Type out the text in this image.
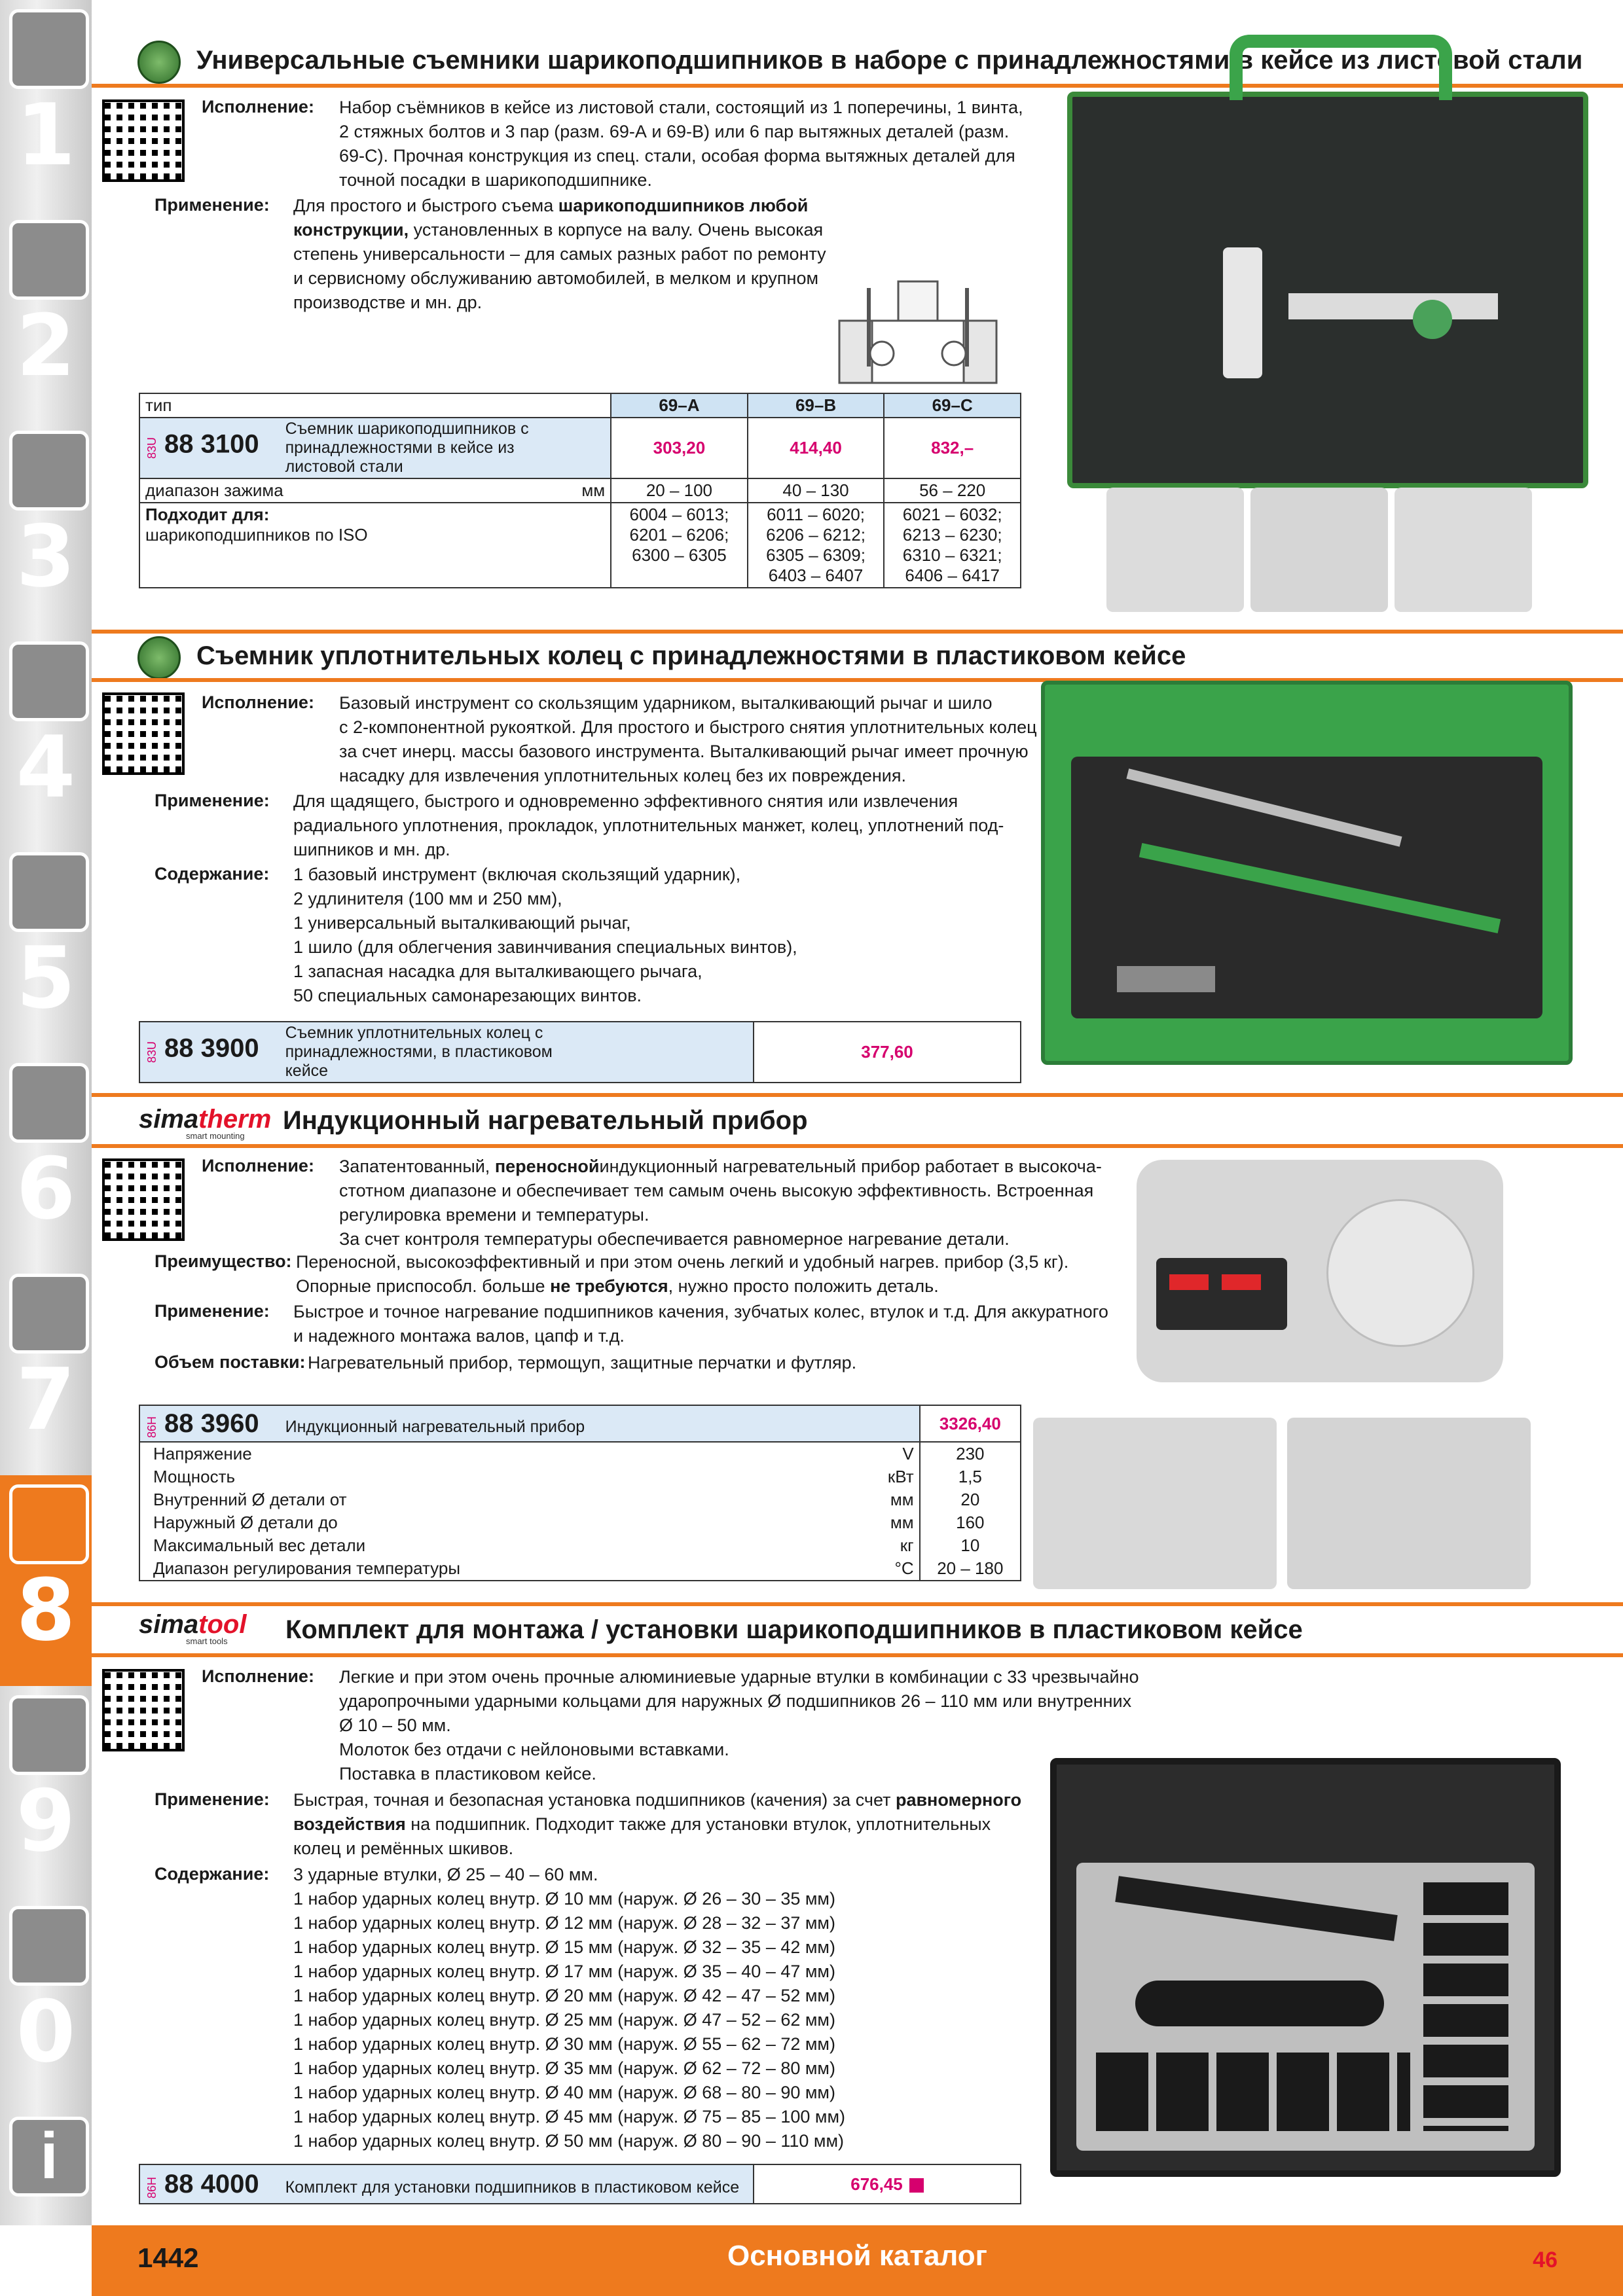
1
2
3
4
5
6
7
8
9
0
i
Универсальные съемники шарикоподшипников в наборе с принадлежностями в кейсе из листовой стали
Исполнение: Набор съёмников в кейсе из листовой стали, состоящий из 1 поперечины, 1 винта,

2 стяжных болтов и 3 пар (разм. 69-А и 69-В) или 6 пар вытяжных деталей (разм.

69-С). Прочная конструкция из спец. стали, особая форма вытяжных деталей для

точной посадки в шарикоподшипнике.

Применение: Для простого и быстрого съема шарикоподшипников любой

конструкции, установленных в корпусе на валу. Очень высокая

степень универсальности – для самых разных работ по ремонту

и сервисному обслуживанию автомобилей, в мелком и крупном

производстве и мн. др.

тип	69–A	69–B	69–C
83U 88 3100Съемник шарикоподшипников с принадлежностями в кейсе из листовой стали	303,20	414,40	832,–
диапазон зажима мм	20 – 100	40 – 130	56 – 220
Подходит для:
шарикоподшипников по ISO	6004 – 6013;
6201 – 6206;
6300 – 6305	6011 – 6020;
6206 – 6212;
6305 – 6309;
6403 – 6407	6021 – 6032;
6213 – 6230;
6310 – 6321;
6406 – 6417
Съемник уплотнительных колец с принадлежностями в пластиковом кейсе
Исполнение: Базовый инструмент со скользящим ударником, выталкивающий рычаг и шило

с 2-компонентной рукояткой. Для простого и быстрого снятия уплотнительных колец

за счет инерц. массы базового инструмента. Выталкивающий рычаг имеет прочную

насадку для извлечения уплотнительных колец без их повреждения.

Применение: Для щадящего, быстрого и одновременно эффективного снятия или извлечения

радиального уплотнения, прокладок, уплотнительных манжет, колец, уплотнений под-

шипников и мн. др.

Содержание: 1 базовый инструмент (включая скользящий ударник),

2 удлинителя (100 мм и 250 мм),

1 универсальный выталкивающий рычаг,

1 шило (для облегчения завинчивания специальных винтов),

1 запасная насадка для выталкивающего рычага,

50 специальных самонарезающих винтов.

83U 88 3900Съемник уплотнительных колец с принадлежностями, в пластиковом кейсе	377,60
simatherm
smart mounting
Индукционный нагревательный прибор
Исполнение: Запатентованный, переноснойиндукционный нагревательный прибор работает в высокоча-

стотном диапазоне и обеспечивает тем самым очень высокую эффективность. Встроенная

регулировка времени и температуры.

За счет контроля температуры обеспечивается равномерное нагревание детали.

Преимущество: Переносной, высокоэффективный и при этом очень легкий и удобный нагрев. прибор (3,5 кг).

Опорные приспособл. больше не требуются, нужно просто положить деталь.

Применение: Быстрое и точное нагревание подшипников качения, зубчатых колес, втулок и т.д. Для аккуратного

и надежного монтажа валов, цапф и т.д.

Объем поставки: Нагревательный прибор, термощуп, защитные перчатки и футляр.
86H 88 3960 Индукционный нагревательный прибор		3326,40
Напряжение	V	230
Мощность	кВт	1,5
Внутренний Ø детали от	мм	20
Наружный Ø детали до	мм	160
Максимальный вес детали	кг	10
Диапазон регулирования температуры	°C	20 – 180
simatool
smart tools Комплект для монтажа / установки шарикоподшипников в пластиковом кейсе
Исполнение: Легкие и при этом очень прочные алюминиевые ударные втулки в комбинации с 33 чрезвычайно

ударопрочными ударными кольцами для наружных Ø подшипников 26 – 110 мм или внутренних

Ø 10 – 50 мм.

Молоток без отдачи с нейлоновыми вставками.

Поставка в пластиковом кейсе.

Применение: Быстрая, точная и безопасная установка подшипников (качения) за счет равномерного

воздействия на подшипник. Подходит также для установки втулок, уплотнительных

колец и ремённых шкивов.

Содержание: 3 ударные втулки, Ø 25 – 40 – 60 мм.

1 набор ударных колец внутр. Ø 10 мм (наруж. Ø 26 – 30 – 35 мм)

1 набор ударных колец внутр. Ø 12 мм (наруж. Ø 28 – 32 – 37 мм)

1 набор ударных колец внутр. Ø 15 мм (наруж. Ø 32 – 35 – 42 мм)

1 набор ударных колец внутр. Ø 17 мм (наруж. Ø 35 – 40 – 47 мм)

1 набор ударных колец внутр. Ø 20 мм (наруж. Ø 42 – 47 – 52 мм)

1 набор ударных колец внутр. Ø 25 мм (наруж. Ø 47 – 52 – 62 мм)

1 набор ударных колец внутр. Ø 30 мм (наруж. Ø 55 – 62 – 72 мм)

1 набор ударных колец внутр. Ø 35 мм (наруж. Ø 62 – 72 – 80 мм)

1 набор ударных колец внутр. Ø 40 мм (наруж. Ø 68 – 80 – 90 мм)

1 набор ударных колец внутр. Ø 45 мм (наруж. Ø 75 – 85 – 100 мм)

1 набор ударных колец внутр. Ø 50 мм (наруж. Ø 80 – 90 – 110 мм)

86H 88 4000 Комплект для установки подшипников в пластиковом кейсе	676,45
1442	Основной каталог	46
